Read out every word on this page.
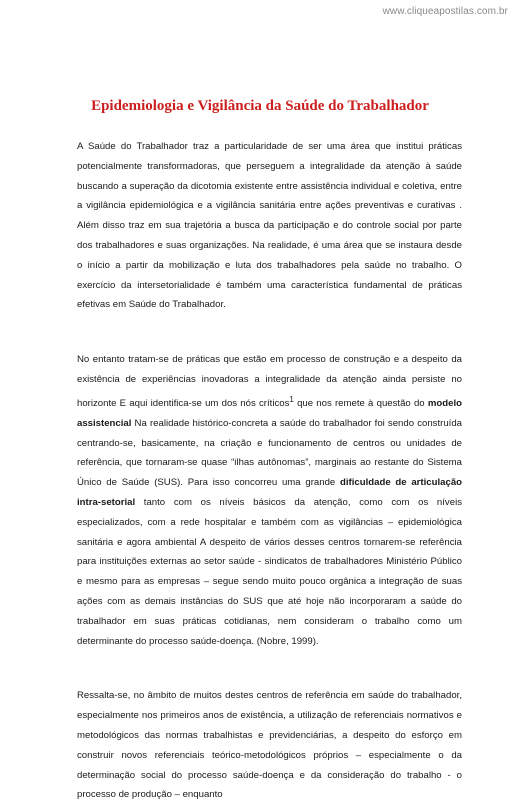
www.cliqueapostilas.com.br
Epidemiologia e Vigilância da Saúde do Trabalhador

A Saúde do Trabalhador traz a particularidade de ser uma área que institui práticas potencialmente transformadoras, que perseguem a integralidade da atenção à saúde buscando a superação da dicotomia existente entre assistência individual e coletiva, entre a vigilância epidemiológica e a vigilância sanitária entre ações preventivas e curativas . Além disso traz em sua trajetória a busca da participação e do controle social por parte dos trabalhadores e suas organizações. Na realidade, é uma área que se instaura desde o início a partir da mobilização e luta dos trabalhadores pela saúde no trabalho. O exercício da intersetorialidade é também uma característica fundamental de práticas efetivas em Saúde do Trabalhador.

No entanto tratam-se de práticas que estão em processo de construção e a despeito da existência de experiências inovadoras a integralidade da atenção ainda persiste no horizonte E aqui identifica-se um dos nós críticos$^1$ que nos remete à questão do modelo assistencial Na realidade histórico-concreta a saúde do trabalhador foi sendo construída centrando-se, basicamente, na criação e funcionamento de centros ou unidades de referência, que tornaram-se quase “ilhas autônomas”, marginais ao restante do Sistema Único de Saúde (SUS). Para isso concorreu uma grande dificuldade de articulação intra-setorial tanto com os níveis básicos da atenção, como com os níveis especializados, com a rede hospitalar e também com as vigilâncias – epidemiológica sanitária e agora ambiental A despeito de vários desses centros tornarem-se referência para instituições externas ao setor saúde - sindicatos de trabalhadores Ministério Público e mesmo para as empresas – segue sendo muito pouco orgânica a integração de suas ações com as demais instâncias do SUS que até hoje não incorporaram a saúde do trabalhador em suas práticas cotidianas, nem consideram o trabalho como um determinante do processo saúde-doença. (Nobre, 1999).

Ressalta-se, no âmbito de muitos destes centros de referência em saúde do trabalhador, especialmente nos primeiros anos de existência, a utilização de referenciais normativos e metodológicos das normas trabalhistas e previdenciárias, a despeito do esforço em construir novos referenciais teórico-metodológicos próprios – especialmente o da determinação social do processo saúde-doença e da consideração do trabalho - o processo de produção – enquanto
